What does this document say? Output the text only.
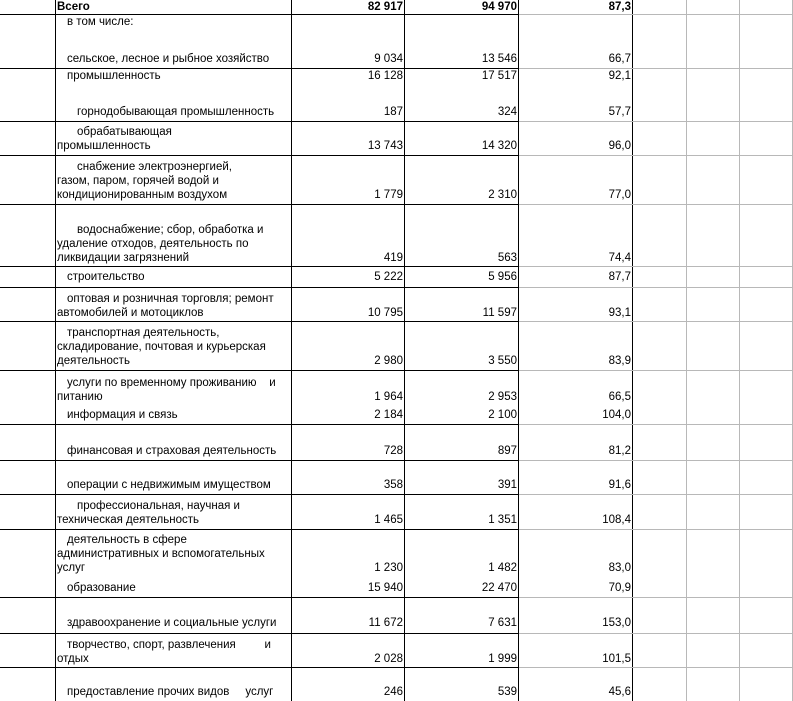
Всего	82 917	94 970	87,3
в том числе:
сельское, лесное и рыбное хозяйство	9 034	13 546	66,7
промышленность	16 128	17 517	92,1
горнодобывающая промышленность	187	324	57,7
обрабатывающая
промышленность	13 743	14 320	96,0
снабжение электроэнергией,
газом, паром, горячей водой и
кондиционированным воздухом	1 779	2 310	77,0
водоснабжение; сбор, обработка и
удаление отходов, деятельность по
ликвидации загрязнений	419	563	74,4
строительство	5 222	5 956	87,7
оптовая и розничная торговля; ремонт
автомобилей и мотоциклов	10 795	11 597	93,1
транспортная деятельность,
складирование, почтовая и курьерская
деятельность	2 980	3 550	83,9
услуги по временному проживанию    и
питанию	1 964	2 953	66,5
информация и связь	2 184	2 100	104,0
финансовая и страховая деятельность	728	897	81,2
операции с недвижимым имуществом	358	391	91,6
профессиональная, научная и
техническая деятельность	1 465	1 351	108,4
деятельность в сфере
административных и вспомогательных
услуг	1 230	1 482	83,0
образование	15 940	22 470	70,9
здравоохранение и социальные услуги	11 672	7 631	153,0
творчество, спорт, развлечения         и
отдых	2 028	1 999	101,5
предоставление прочих видов     услуг	246	539	45,6
